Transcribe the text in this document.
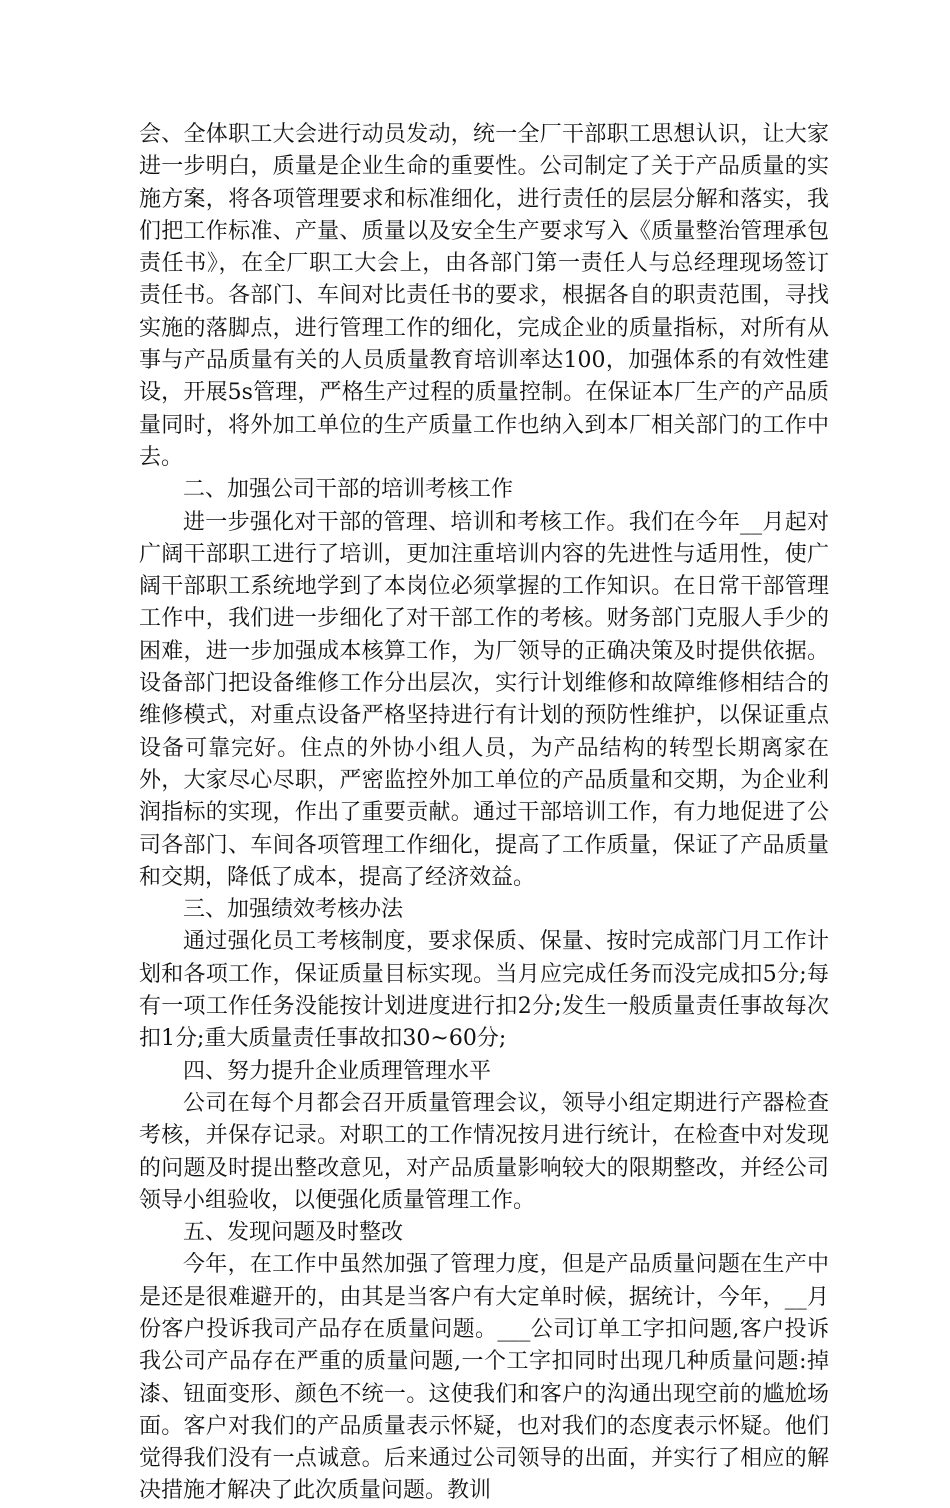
会、全体职工大会进行动员发动，统一全厂干部职工思想认识，让大家进一步明白，质量是企业生命的重要性。公司制定了关于产品质量的实施方案，将各项管理要求和标准细化，进行责任的层层分解和落实，我们把工作标准、产量、质量以及安全生产要求写入《质量整治管理承包责任书》，在全厂职工大会上，由各部门第一责任人与总经理现场签订责任书。各部门、车间对比责任书的要求，根据各自的职责范围，寻找实施的落脚点，进行管理工作的细化，完成企业的质量指标，对所有从事与产品质量有关的人员质量教育培训率达100，加强体系的有效性建设，开展5s管理，严格生产过程的质量控制。在保证本厂生产的产品质量同时，将外加工单位的生产质量工作也纳入到本厂相关部门的工作中去。

二、加强公司干部的培训考核工作

进一步强化对干部的管理、培训和考核工作。我们在今年__月起对广阔干部职工进行了培训，更加注重培训内容的先进性与适用性，使广阔干部职工系统地学到了本岗位必须掌握的工作知识。在日常干部管理工作中，我们进一步细化了对干部工作的考核。财务部门克服人手少的困难，进一步加强成本核算工作，为厂领导的正确决策及时提供依据。设备部门把设备维修工作分出层次，实行计划维修和故障维修相结合的维修模式，对重点设备严格坚持进行有计划的预防性维护，以保证重点设备可靠完好。住点的外协小组人员，为产品结构的转型长期离家在外，大家尽心尽职，严密监控外加工单位的产品质量和交期，为企业利润指标的实现，作出了重要贡献。通过干部培训工作，有力地促进了公司各部门、车间各项管理工作细化，提高了工作质量，保证了产品质量和交期，降低了成本，提高了经济效益。

三、加强绩效考核办法

通过强化员工考核制度，要求保质、保量、按时完成部门月工作计划和各项工作，保证质量目标实现。当月应完成任务而没完成扣5分;每有一项工作任务没能按计划进度进行扣2分;发生一般质量责任事故每次扣1分;重大质量责任事故扣30~60分;

四、努力提升企业质理管理水平

公司在每个月都会召开质量管理会议，领导小组定期进行产器检查考核，并保存记录。对职工的工作情况按月进行统计，在检查中对发现的问题及时提出整改意见，对产品质量影响较大的限期整改，并经公司领导小组验收，以便强化质量管理工作。

五、发现问题及时整改

今年，在工作中虽然加强了管理力度，但是产品质量问题在生产中是还是很难避开的，由其是当客户有大定单时候，据统计，今年，__月份客户投诉我司产品存在质量问题。___公司订单工字扣问题,客户投诉我公司产品存在严重的质量问题,一个工字扣同时出现几种质量问题:掉漆、钮面变形、颜色不统一。这使我们和客户的沟通出现空前的尴尬场面。客户对我们的产品质量表示怀疑，也对我们的态度表示怀疑。他们觉得我们没有一点诚意。后来通过公司领导的出面，并实行了相应的解决措施才解决了此次质量问题。教训
